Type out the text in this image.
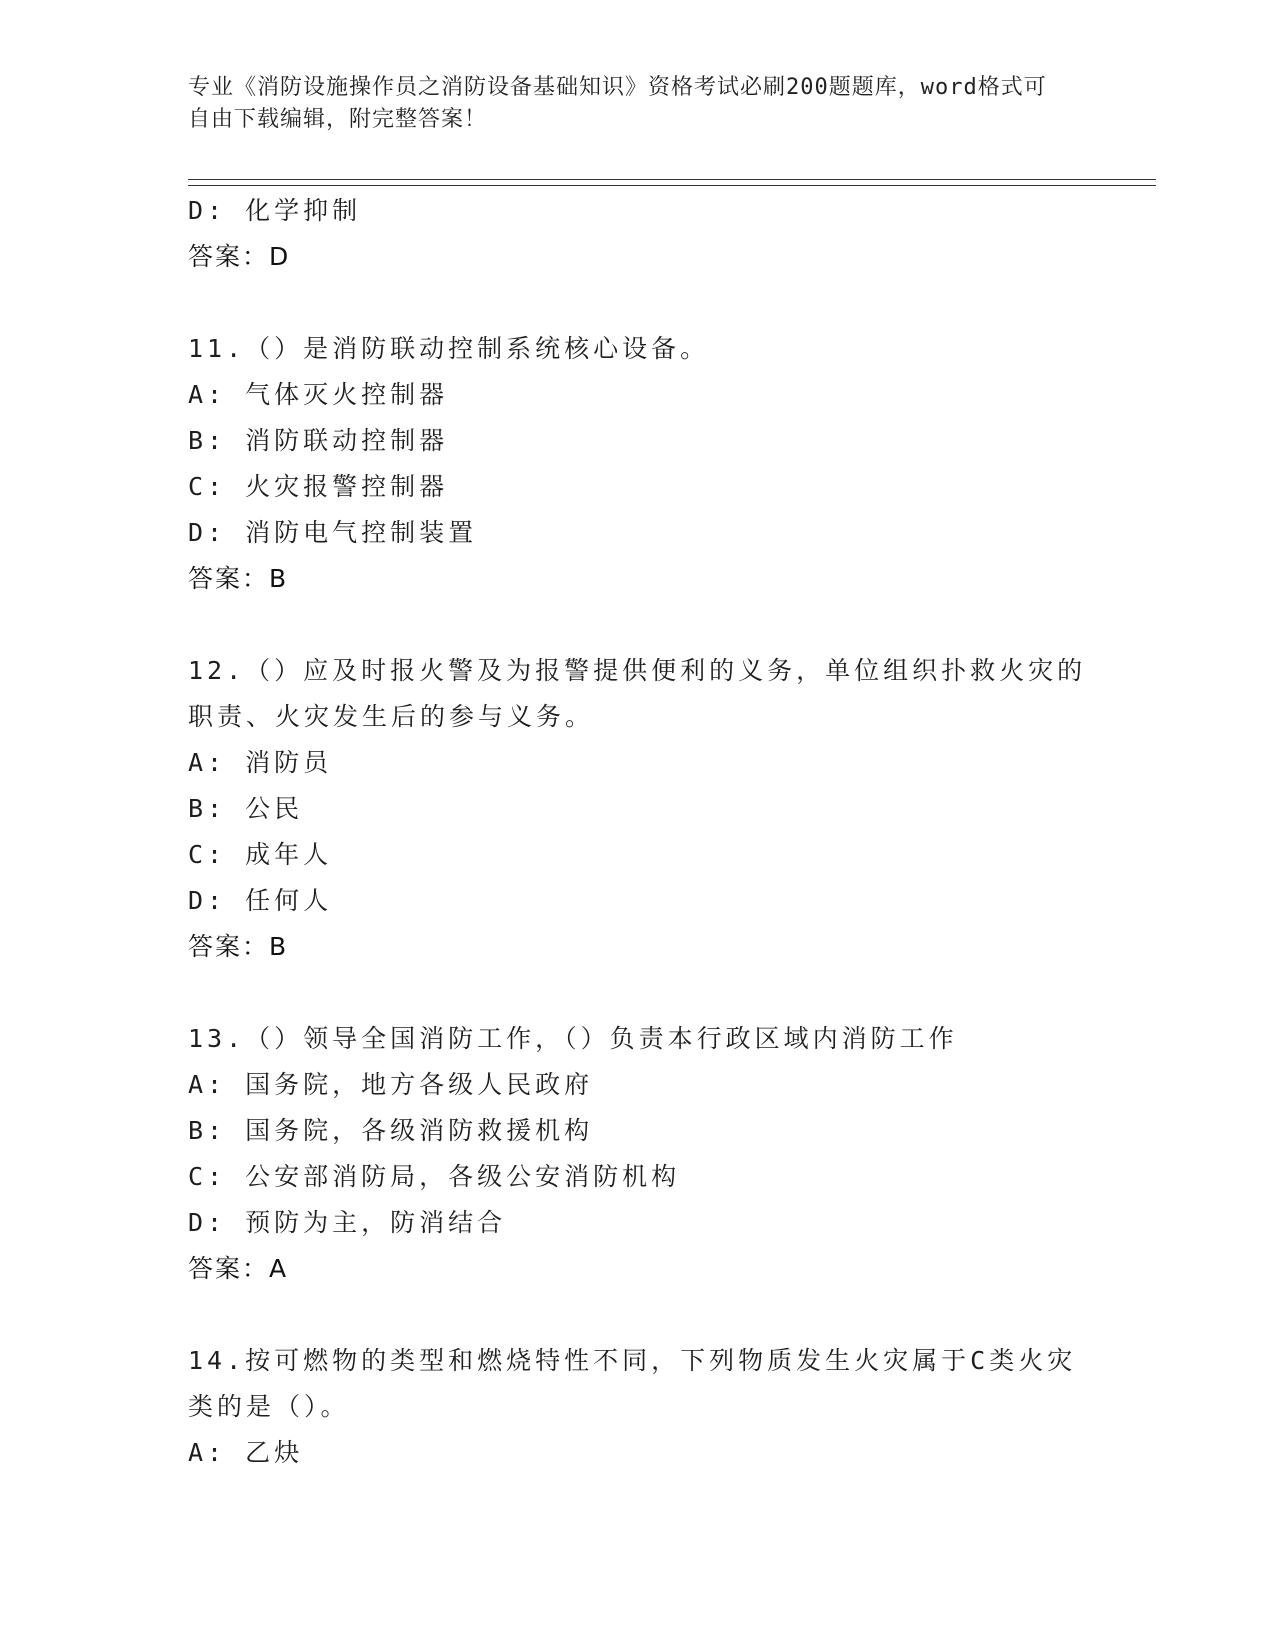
专业《消防设施操作员之消防设备基础知识》资格考试必刷200题题库，word格式可自由下载编辑，附完整答案！
D: 化学抑制
答案：D
11.（）是消防联动控制系统核心设备。
A: 气体灭火控制器
B: 消防联动控制器
C: 火灾报警控制器
D: 消防电气控制装置
答案：B
12.（）应及时报火警及为报警提供便利的义务，单位组织扑救火灾的职责、火灾发生后的参与义务。
A: 消防员
B: 公民
C: 成年人
D: 任何人
答案：B
13.（）领导全国消防工作，（）负责本行政区域内消防工作
A: 国务院，地方各级人民政府
B: 国务院，各级消防救援机构
C: 公安部消防局，各级公安消防机构
D: 预防为主，防消结合
答案：A
14.按可燃物的类型和燃烧特性不同，下列物质发生火灾属于C类火灾类的是（）。
A: 乙炔
